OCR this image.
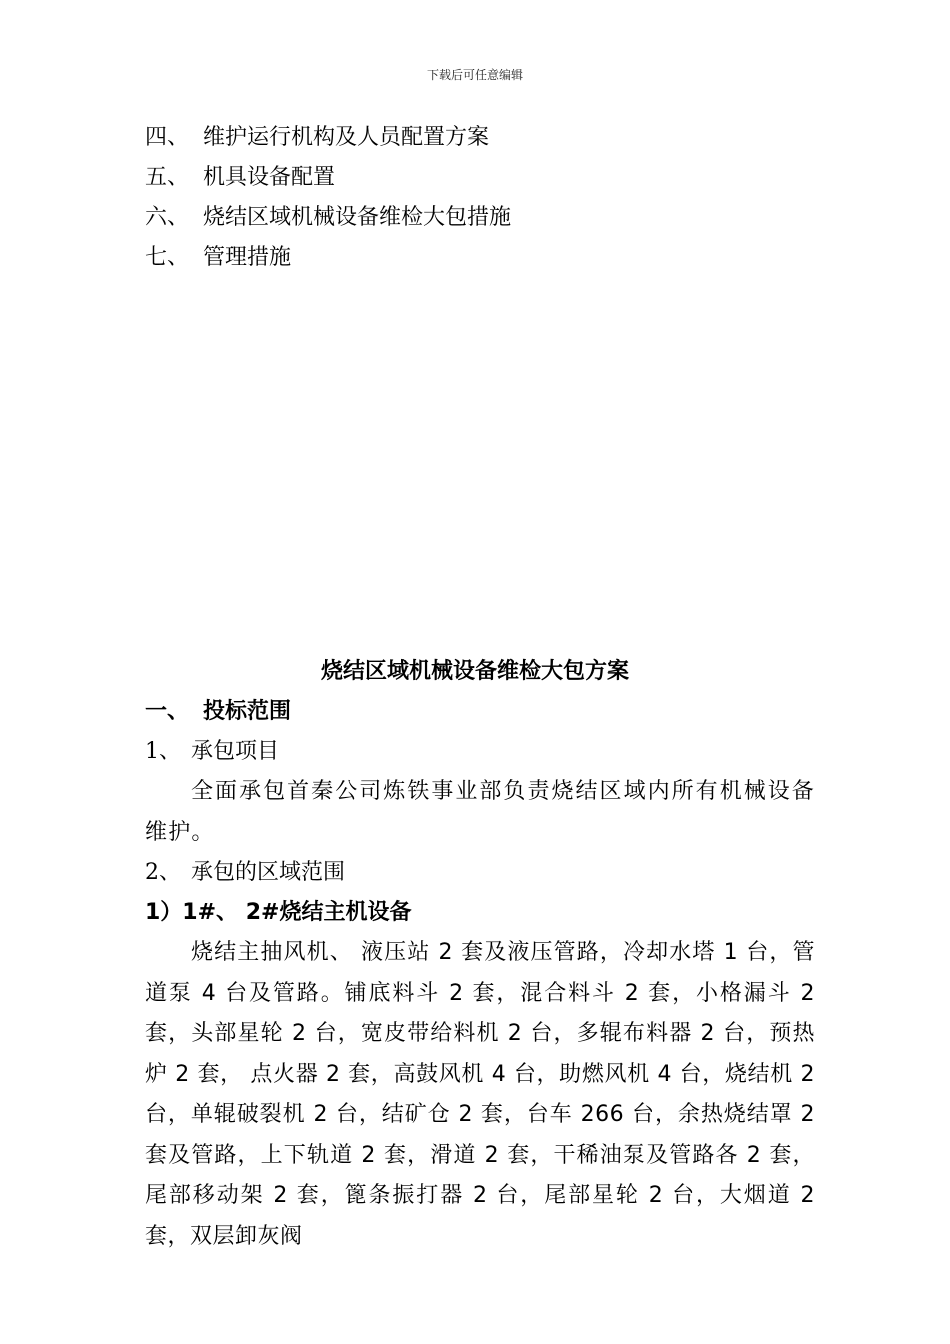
下载后可任意编辑
四、 维护运行机构及人员配置方案
五、 机具设备配置
六、 烧结区域机械设备维检大包措施
七、 管理措施
烧结区域机械设备维检大包方案
一、 投标范围
1、 承包项目
全面承包首秦公司炼铁事业部负责烧结区域内所有机械设备维护。
2、 承包的区域范围
1）1#、 2#烧结主机设备
烧结主抽风机、 液压站 2 套及液压管路，冷却水塔 1 台，管道泵 4 台及管路。铺底料斗 2 套，混合料斗 2 套，小格漏斗 2 套，头部星轮 2 台，宽皮带给料机 2 台，多辊布料器 2 台，预热炉 2 套， 点火器 2 套，高鼓风机 4 台，助燃风机 4 台，烧结机 2 台，单辊破裂机 2 台，结矿仓 2 套，台车 266 台，余热烧结罩 2 套及管路，上下轨道 2 套，滑道 2 套，干稀油泵及管路各 2 套，尾部移动架 2 套，篦条振打器 2 台，尾部星轮 2 台，大烟道 2 套，双层卸灰阀
